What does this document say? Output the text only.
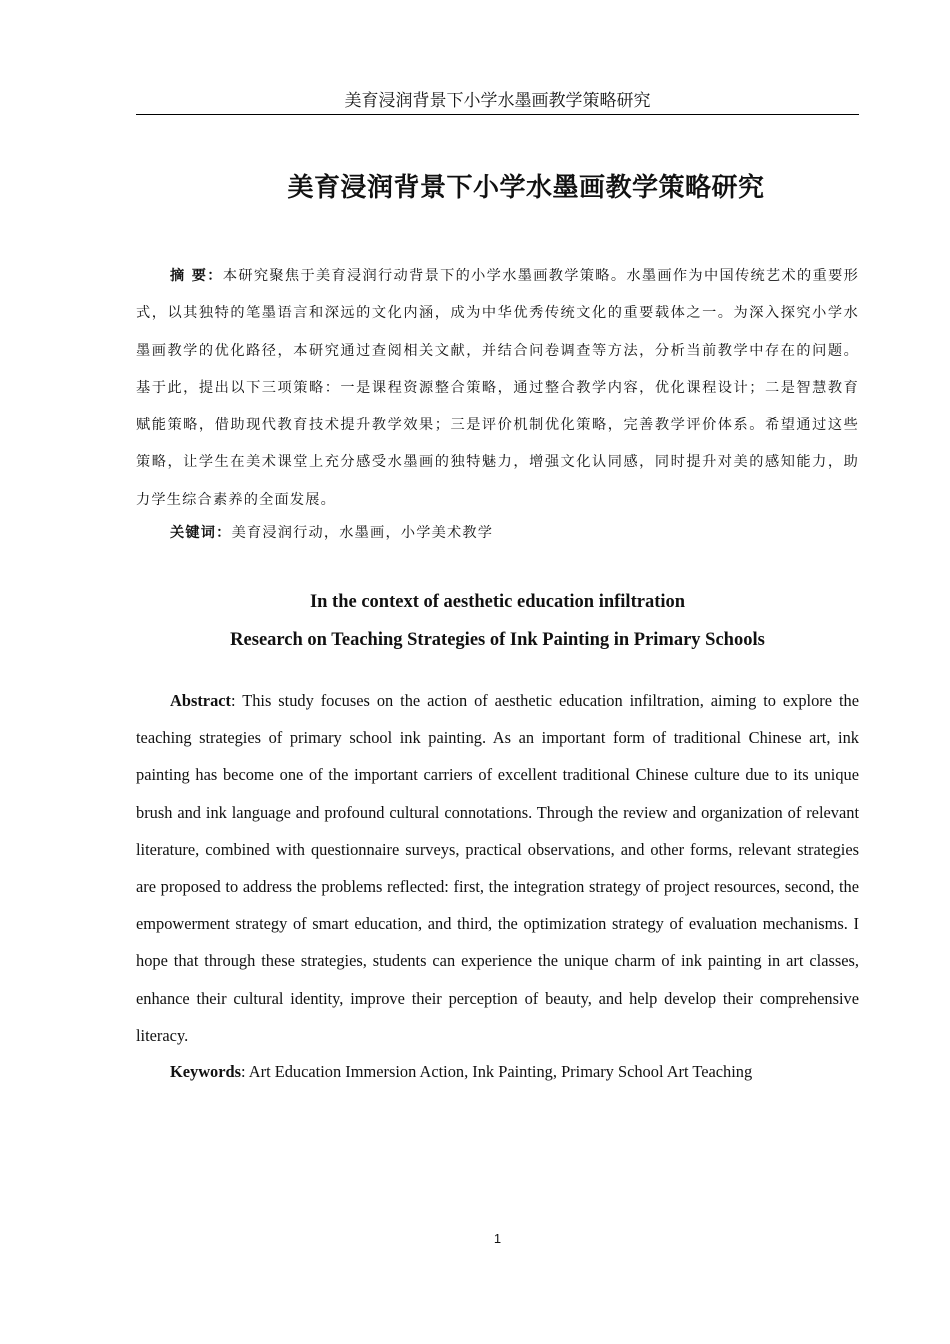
美育浸润背景下小学水墨画教学策略研究
美育浸润背景下小学水墨画教学策略研究

摘 要：本研究聚焦于美育浸润行动背景下的小学水墨画教学策略。水墨画作为中国传统艺术的重要形式，以其独特的笔墨语言和深远的文化内涵，成为中华优秀传统文化的重要载体之一。为深入探究小学水墨画教学的优化路径，本研究通过查阅相关文献，并结合问卷调查等方法，分析当前教学中存在的问题。基于此，提出以下三项策略：一是课程资源整合策略，通过整合教学内容，优化课程设计；二是智慧教育赋能策略，借助现代教育技术提升教学效果；三是评价机制优化策略，完善教学评价体系。希望通过这些策略，让学生在美术课堂上充分感受水墨画的独特魅力，增强文化认同感，同时提升对美的感知能力，助力学生综合素养的全面发展。

关键词：美育浸润行动，水墨画，小学美术教学

In the context of aesthetic education infiltration

Research on Teaching Strategies of Ink Painting in Primary Schools

Abstract: This study focuses on the action of aesthetic education infiltration, aiming to explore the teaching strategies of primary school ink painting. As an important form of traditional Chinese art, ink painting has become one of the important carriers of excellent traditional Chinese culture due to its unique brush and ink language and profound cultural connotations. Through the review and organization of relevant literature, combined with questionnaire surveys, practical observations, and other forms, relevant strategies are proposed to address the problems reflected: first, the integration strategy of project resources, second, the empowerment strategy of smart education, and third, the optimization strategy of evaluation mechanisms. I hope that through these strategies, students can experience the unique charm of ink painting in art classes, enhance their cultural identity, improve their perception of beauty, and help develop their comprehensive literacy.

Keywords: Art Education Immersion Action, Ink Painting, Primary School Art Teaching

1
